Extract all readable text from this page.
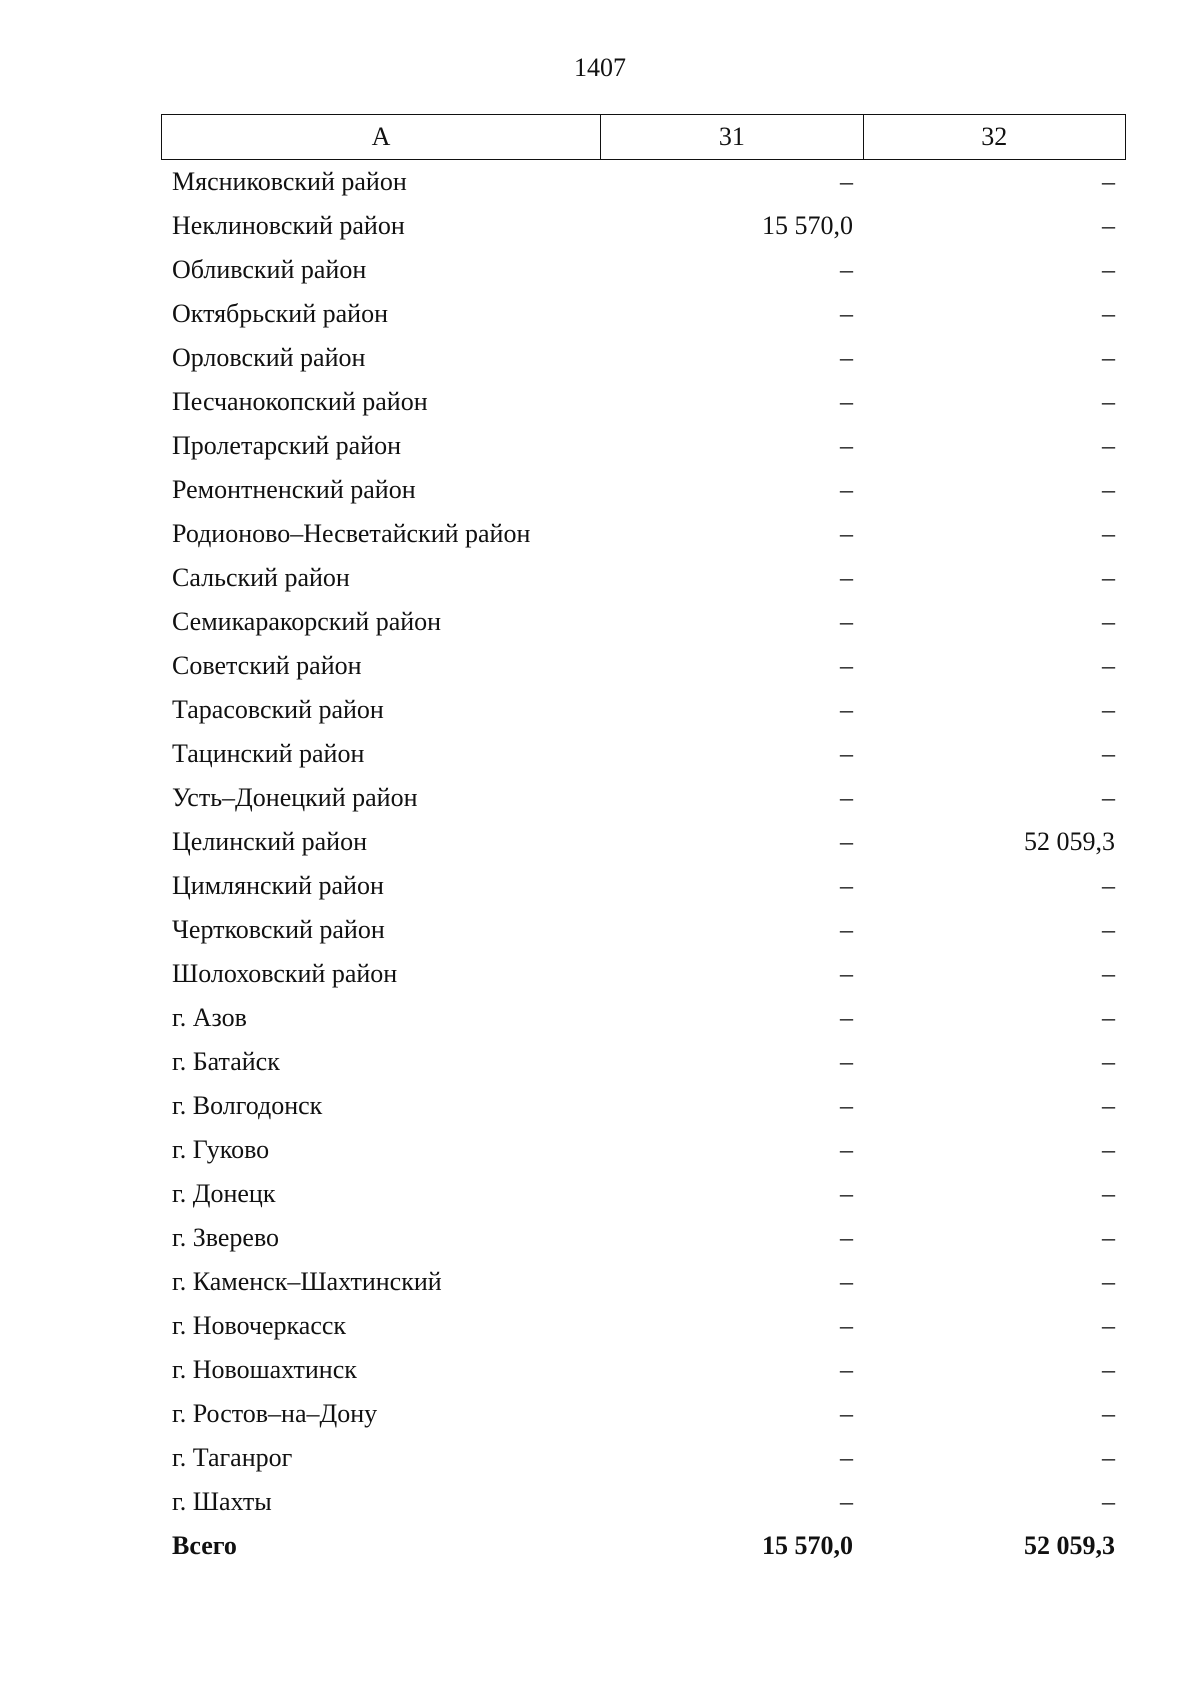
1407
А	31	32
Мясниковский район	–	–
Неклиновский район	15 570,0	–
Обливский район	–	–
Октябрьский район	–	–
Орловский район	–	–
Песчанокопский район	–	–
Пролетарский район	–	–
Ремонтненский район	–	–
Родионово–Несветайский район	–	–
Сальский район	–	–
Семикаракорский район	–	–
Советский район	–	–
Тарасовский район	–	–
Тацинский район	–	–
Усть–Донецкий район	–	–
Целинский район	–	52 059,3
Цимлянский район	–	–
Чертковский район	–	–
Шолоховский район	–	–
г. Азов	–	–
г. Батайск	–	–
г. Волгодонск	–	–
г. Гуково	–	–
г. Донецк	–	–
г. Зверево	–	–
г. Каменск–Шахтинский	–	–
г. Новочеркасск	–	–
г. Новошахтинск	–	–
г. Ростов–на–Дону	–	–
г. Таганрог	–	–
г. Шахты	–	–
Всего	15 570,0	52 059,3
